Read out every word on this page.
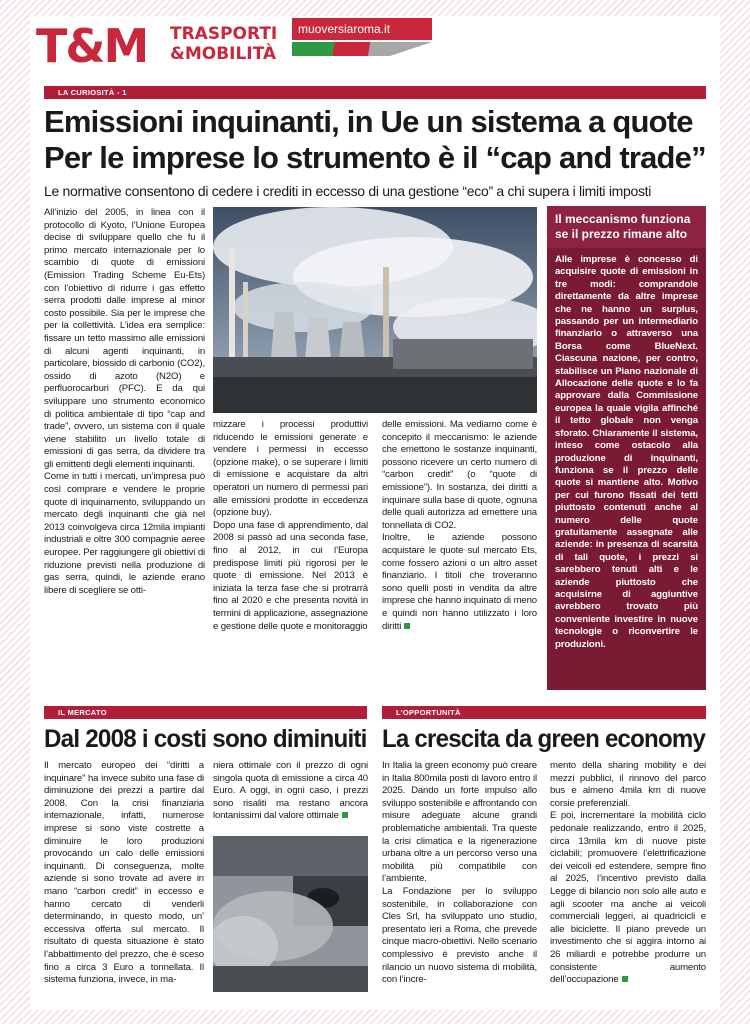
T&M TRASPORTI
&MOBILITÀ
muoversiaroma.it
LA CURIOSITÀ - 1
Emissioni inquinanti, in Ue un sistema a quote
Per le imprese lo strumento è il “cap and trade”
Le normative consentono di cedere i crediti in eccesso di una gestione “eco” a chi supera i limiti imposti

All’inizio del 2005, in linea con il protocollo di Kyoto, l’Unione Europea decise di sviluppare quello che fu il primo mercato internazionale per lo scambio di quote di emissioni (Emission Trading Scheme Eu-Ets) con l’obiettivo di ridurre i gas effetto serra prodotti dalle imprese al minor costo possibile. Sia per le imprese che per la collettività. L’idea era semplice: fissare un tetto massimo alle emissioni di alcuni agenti inquinanti, in particolare, biossido di carbonio (CO2), ossido di azoto (N2O) e perfluorocarburi (PFC). E da qui sviluppare uno strumento economico di politica ambientale di tipo “cap and trade”, ovvero, un sistema con il quale viene stabilito un livello totale di emissioni di gas serra, da dividere tra gli emittenti degli elementi inquinanti.

Come in tutti i mercati, un’impresa può così comprare e vendere le proprie quote di inquinamento, sviluppando un mercato degli inquinanti che già nel 2013 coinvolgeva circa 12mila impianti industriali e oltre 300 compagnie aeree europee. Per raggiungere gli obiettivi di riduzione previsti nella produzione di gas serra, quindi, le aziende erano libere di scegliere se otti-

mizzare i processi produttivi riducendo le emissioni generate e vendere i permessi in eccesso (opzione make), o se superare i limiti di emissione e acquistare da altri operatori un numero di permessi pari alle emissioni prodotte in eccedenza (opzione buy).

Dopo una fase di apprendimento, dal 2008 si passò ad una seconda fase, fino al 2012, in cui l’Europa predispose limiti più rigorosi per le quote di emissione. Nel 2013 è iniziata la terza fase che si protrarrà fino al 2020 e che presenta novità in termini di applicazione, assegnazione e gestione delle quote e monitoraggio

delle emissioni. Ma vediamo come è concepito il meccanismo: le aziende che emettono le sostanze inquinanti, possono ricevere un certo numero di “carbon credit” (o “quote di emissione”). In sostanza, dei diritti a inquinare sulla base di quote, ognuna delle quali autorizza ad emettere una tonnellata di CO2.

Inoltre, le aziende possono acquistare le quote sul mercato Ets, come fossero azioni o un altro asset finanziario. I titoli che troveranno sono quelli posti in vendita da altre imprese che hanno inquinato di meno e quindi non hanno utilizzato i loro diritti

Il meccanismo funziona se il prezzo rimane alto
Alle imprese è concesso di acquisire quote di emissioni in tre modi: comprandole direttamente da altre imprese che ne hanno un surplus, passando per un intermediario finanziario o attraverso una Borsa come BlueNext. Ciascuna nazione, per contro, stabilisce un Piano nazionale di Allocazione delle quote e lo fa approvare dalla Commissione europea la quale vigila affinché il tetto globale non venga sforato. Chiaramente il sistema, inteso come ostacolo alla produzione di inquinanti, funziona se il prezzo delle quote si mantiene alto. Motivo per cui furono fissati dei tetti piuttosto contenuti anche al numero delle quote gratuitamente assegnate alle aziende: in presenza di scarsità di tali quote, i prezzi si sarebbero tenuti alti e le aziende piuttosto che acquisirne di aggiuntive avrebbero trovato più conveniente investire in nuove tecnologie o riconvertire le produzioni.
IL MERCATO
Dal 2008 i costi sono diminuiti

Il mercato europeo dei “diritti a inquinare” ha invece subito una fase di diminuzione dei prezzi a partire dal 2008. Con la crisi finanziaria internazionale, infatti, numerose imprese si sono viste costrette a diminuire le loro produzioni provocando un calo delle emissioni inquinanti. Di conseguenza, molte aziende si sono trovate ad avere in mano “carbon credit” in eccesso e hanno cercato di venderli determinando, in questo modo, un’ eccessiva offerta sul mercato. Il risultato di questa situazione è stato l’abbattimento del prezzo, che è sceso fino a circa 3 Euro a tonnellata. Il sistema funziona, invece, in ma-

niera ottimale con il prezzo di ogni singola quota di emissione a circa 40 Euro. A oggi, in ogni caso, i prezzi sono risaliti ma restano ancora lontanissimi dal valore ottimale

L’OPPORTUNITÀ
La crescita da green economy

In Italia la green economy può creare in Italia 800mila posti di lavoro entro il 2025. Dando un forte impulso allo sviluppo sostenibile e affrontando con misure adeguate alcune grandi problematiche ambientali. Tra queste la crisi climatica e la rigenerazione urbana oltre a un percorso verso una mobilità più compatibile con l’ambiente.

La Fondazione per lo sviluppo sostenibile, in collaborazione con Cles Srl, ha sviluppato uno studio, presentato ieri a Roma, che prevede cinque macro-obiettivi. Nello scenario complessivo è previsto anche il rilancio un nuovo sistema di mobilità, con l’incre-

mento della sharing mobility e dei mezzi pubblici, il rinnovo del parco bus e almeno 4mila km di nuove corsie preferenziali.

E poi, incrementare la mobilità ciclo pedonale realizzando, entro il 2025, circa 13mila km di nuove piste ciclabili; promuovere l’elettrificazione dei veicoli ed estendere, sempre fino al 2025, l’incentivo previsto dalla Legge di bilancio non solo alle auto e agli scooter ma anche ai veicoli commerciali leggeri, ai quadricicli e alle biciclette. Il piano prevede un investimento che si aggira intorno ai 26 miliardi e potrebbe produrre un consistente aumento dell’occupazione
